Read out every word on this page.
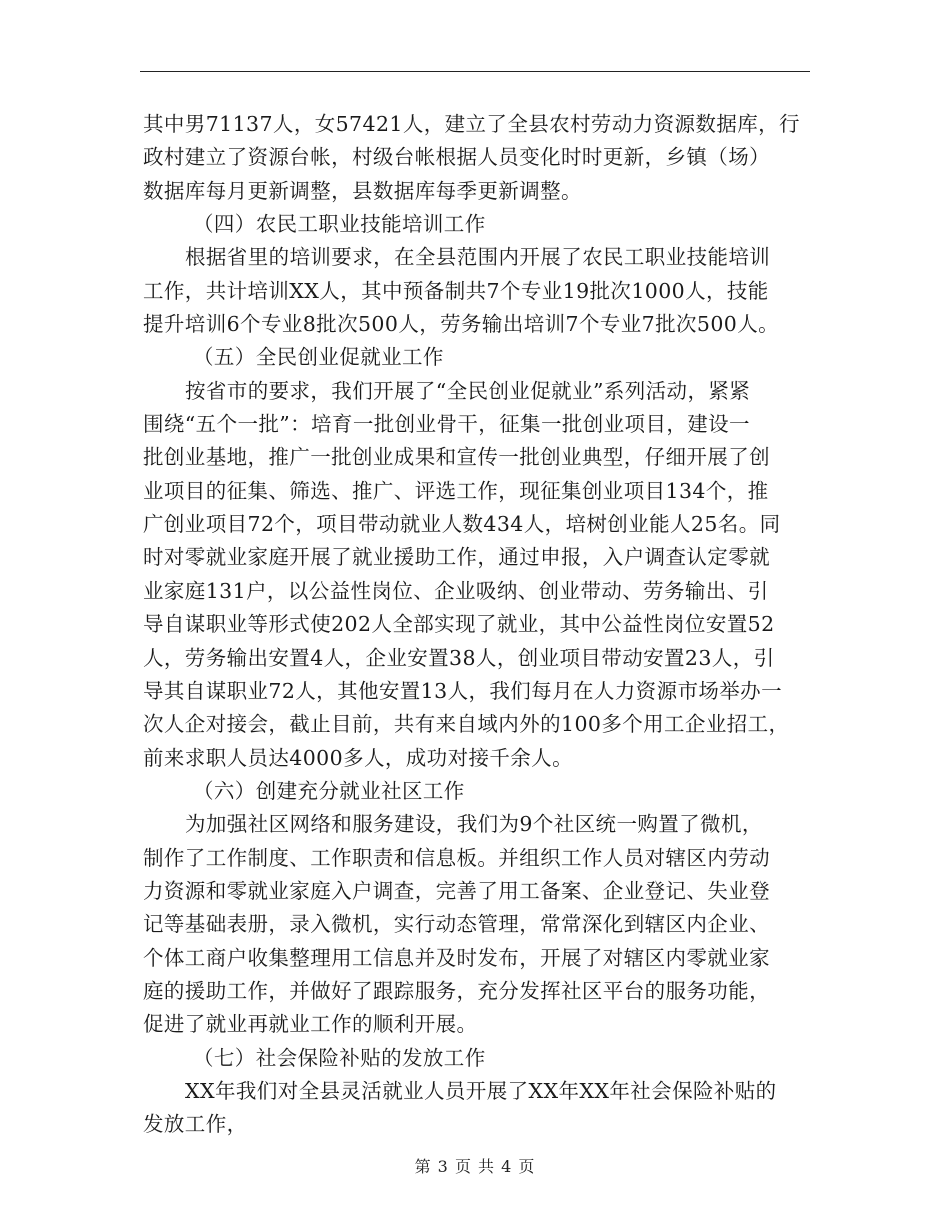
其中男71137人，女57421人，建立了全县农村劳动力资源数据库，行
政村建立了资源台帐，村级台帐根据人员变化时时更新，乡镇（场）
数据库每月更新调整，县数据库每季更新调整。
（四）农民工职业技能培训工作
根据省里的培训要求，在全县范围内开展了农民工职业技能培训
工作，共计培训XX人，其中预备制共7个专业19批次1000人，技能
提升培训6个专业8批次500人，劳务输出培训7个专业7批次500人。
（五）全民创业促就业工作
按省市的要求，我们开展了“全民创业促就业”系列活动，紧紧
围绕“五个一批”：培育一批创业骨干，征集一批创业项目，建设一
批创业基地，推广一批创业成果和宣传一批创业典型，仔细开展了创
业项目的征集、筛选、推广、评选工作，现征集创业项目134个，推
广创业项目72个，项目带动就业人数434人，培树创业能人25名。同
时对零就业家庭开展了就业援助工作，通过申报，入户调查认定零就
业家庭131户，以公益性岗位、企业吸纳、创业带动、劳务输出、引
导自谋职业等形式使202人全部实现了就业，其中公益性岗位安置52
人，劳务输出安置4人，企业安置38人，创业项目带动安置23人，引
导其自谋职业72人，其他安置13人，我们每月在人力资源市场举办一
次人企对接会，截止目前，共有来自域内外的100多个用工企业招工，
前来求职人员达4000多人，成功对接千余人。
（六）创建充分就业社区工作
为加强社区网络和服务建设，我们为9个社区统一购置了微机，
制作了工作制度、工作职责和信息板。并组织工作人员对辖区内劳动
力资源和零就业家庭入户调查，完善了用工备案、企业登记、失业登
记等基础表册，录入微机，实行动态管理，常常深化到辖区内企业、
个体工商户收集整理用工信息并及时发布，开展了对辖区内零就业家
庭的援助工作，并做好了跟踪服务，充分发挥社区平台的服务功能，
促进了就业再就业工作的顺利开展。
（七）社会保险补贴的发放工作
XX年我们对全县灵活就业人员开展了XX年XX年社会保险补贴的
发放工作，
第 3 页 共 4 页
